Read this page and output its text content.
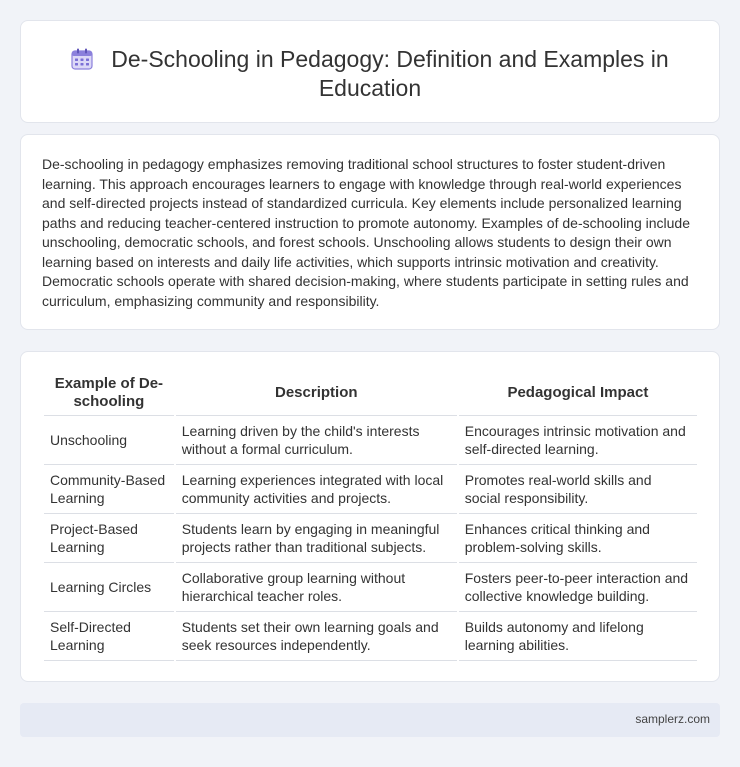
De-Schooling in Pedagogy: Definition and Examples in Education

De-schooling in pedagogy emphasizes removing traditional school structures to foster student-driven learning. This approach encourages learners to engage with knowledge through real-world experiences and self-directed projects instead of standardized curricula. Key elements include personalized learning paths and reducing teacher-centered instruction to promote autonomy. Examples of de-schooling include unschooling, democratic schools, and forest schools. Unschooling allows students to design their own learning based on interests and daily life activities, which supports intrinsic motivation and creativity. Democratic schools operate with shared decision-making, where students participate in setting rules and curriculum, emphasizing community and responsibility.

Example of De-schooling	Description	Pedagogical Impact
Unschooling	Learning driven by the child's interests without a formal curriculum.	Encourages intrinsic motivation and self-directed learning.
Community-Based Learning	Learning experiences integrated with local community activities and projects.	Promotes real-world skills and social responsibility.
Project-Based Learning	Students learn by engaging in meaningful projects rather than traditional subjects.	Enhances critical thinking and problem-solving skills.
Learning Circles	Collaborative group learning without hierarchical teacher roles.	Fosters peer-to-peer interaction and collective knowledge building.
Self-Directed Learning	Students set their own learning goals and seek resources independently.	Builds autonomy and lifelong learning abilities.
samplerz.com
